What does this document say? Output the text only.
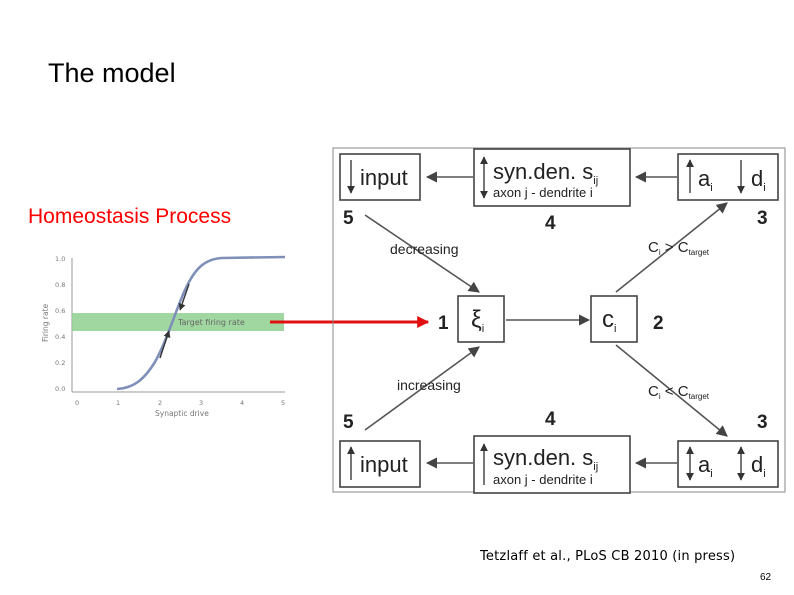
The model
Homeostasis Process
Target firing rate
1.0
0.8
0.6
0.4
0.2
0.0
0	1	2	3	4	5
Synaptic drive
Firing rate
input	syn.den. $s_{ij}$
axon j - dendrite i
$a_i$ $d_i$
5	4	3
$\xi_i$	$c_i$
1	2
decreasing
increasing
$C_i > C_{target}$
$C_i < C_{target}$
5	4	3
input	syn.den. $s_{ij}$
axon j - dendrite i
$a_i$ $d_i$
Tetzlaff et al., PLoS CB 2010 (in press)
62
